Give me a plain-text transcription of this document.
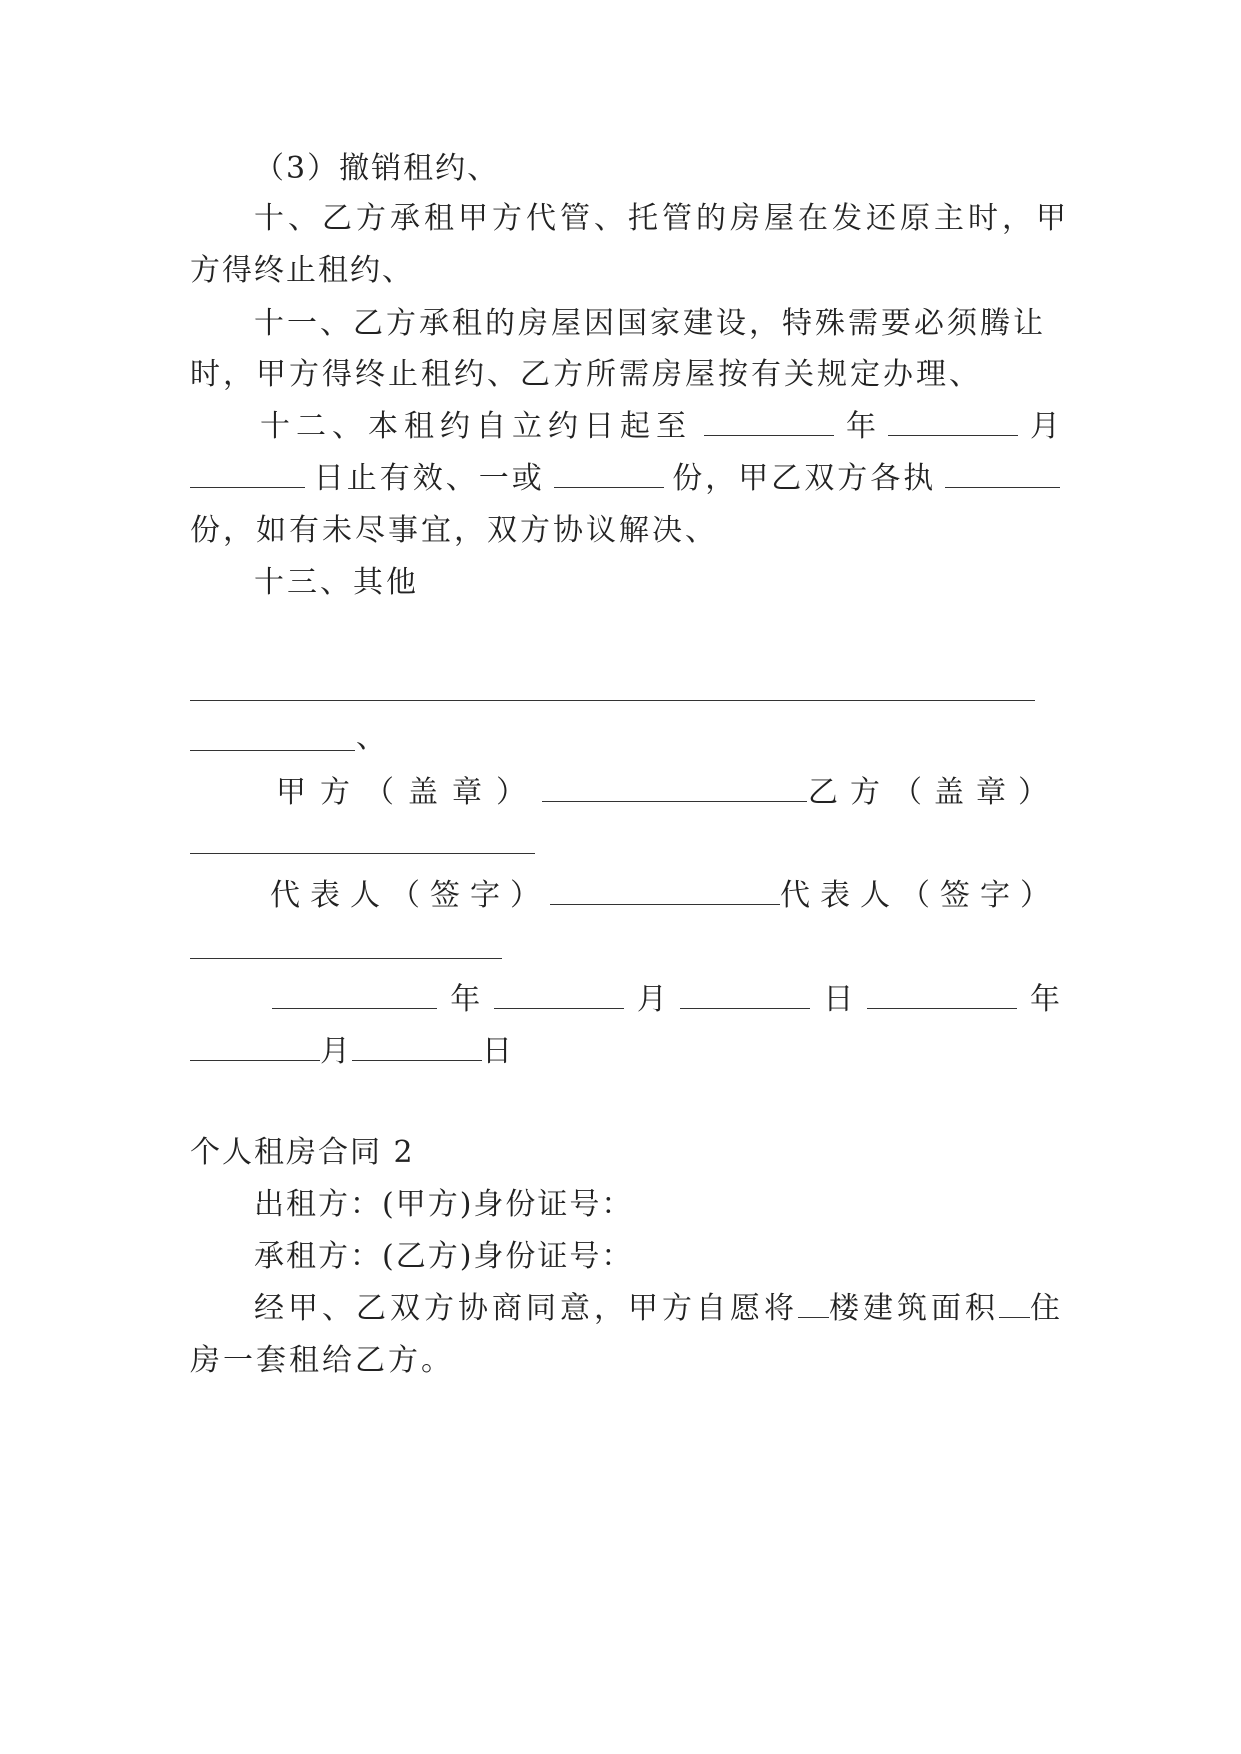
（3）撤销租约、
十、乙方承租甲方代管、托管的房屋在发还原主时，甲
方得终止租约、
十一、乙方承租的房屋因国家建设，特殊需要必须腾让
时，甲方得终止租约、乙方所需房屋按有关规定办理、
十二、本租约自立约日起至	年	月
日止有效、一或	份，甲乙双方各执
份，如有未尽事宜，双方协议解决、
十三、其他
、
甲方（盖章）	乙方（盖章）
代表人（签字）	代表人（签字）
年	月	日	年
月	日
个人租房合同 2
出租方：(甲方)身份证号：
承租方：(乙方)身份证号：
经甲、乙双方协商同意，甲方自愿将 楼建筑面积 住
房一套租给乙方。
